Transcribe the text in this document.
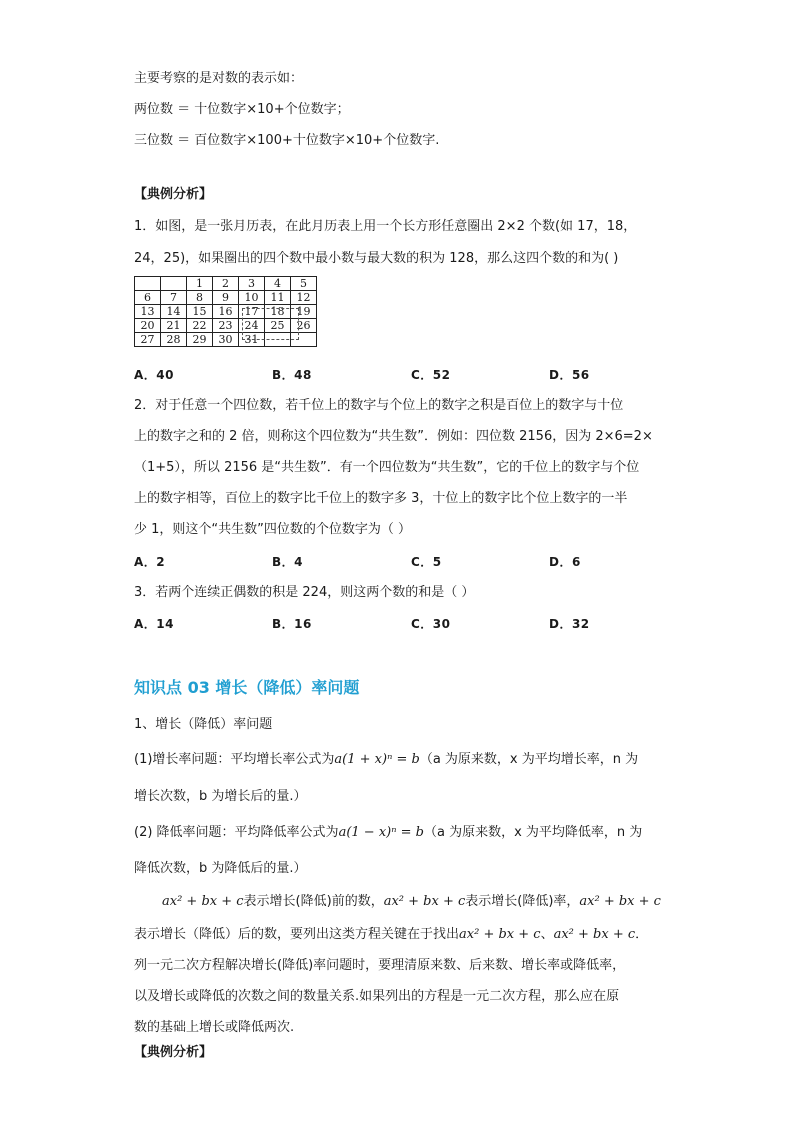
主要考察的是对数的表示如：
两位数 ＝ 十位数字×10+个位数字；
三位数 ＝ 百位数字×100+十位数字×10+个位数字.
【典例分析】
1．如图，是一张月历表，在此月历表上用一个长方形任意圈出 2×2 个数(如 17，18，
24，25)，如果圈出的四个数中最小数与最大数的积为 128，那么这四个数的和为( )
		1	2	3	4	5
6	7	8	9	10	11	12
13	14	15	16	17	18	19
20	21	22	23	24	25	26
27	28	29	30	31		
A．40	B．48	C．52	D．56
2．对于任意一个四位数，若千位上的数字与个位上的数字之积是百位上的数字与十位
上的数字之和的 2 倍，则称这个四位数为“共生数”．例如：四位数 2156，因为 2×6=2×
（1+5），所以 2156 是“共生数”．有一个四位数为“共生数”，它的千位上的数字与个位
上的数字相等，百位上的数字比千位上的数字多 3，十位上的数字比个位上数字的一半
少 1，则这个“共生数”四位数的个位数字为（ ）
A．2	B．4	C．5	D．6
3．若两个连续正偶数的积是 224，则这两个数的和是（ ）
A．14	B．16	C．30	D．32
知识点 03 增长（降低）率问题
1、增长（降低）率问题
(1)增长率问题：平均增长率公式为a(1 + x)ⁿ = b（a 为原来数，x 为平均增长率，n 为
增长次数，b 为增长后的量.）
(2) 降低率问题：平均降低率公式为a(1 − x)ⁿ = b（a 为原来数，x 为平均降低率，n 为
降低次数，b 为降低后的量.）
ax² + bx + c表示增长(降低)前的数，ax² + bx + c表示增长(降低)率，ax² + bx + c
表示增长（降低）后的数，要列出这类方程关键在于找出ax² + bx + c、ax² + bx + c．
列一元二次方程解决增长(降低)率问题时，要理清原来数、后来数、增长率或降低率，
以及增长或降低的次数之间的数量关系.如果列出的方程是一元二次方程，那么应在原
数的基础上增长或降低两次.
【典例分析】
